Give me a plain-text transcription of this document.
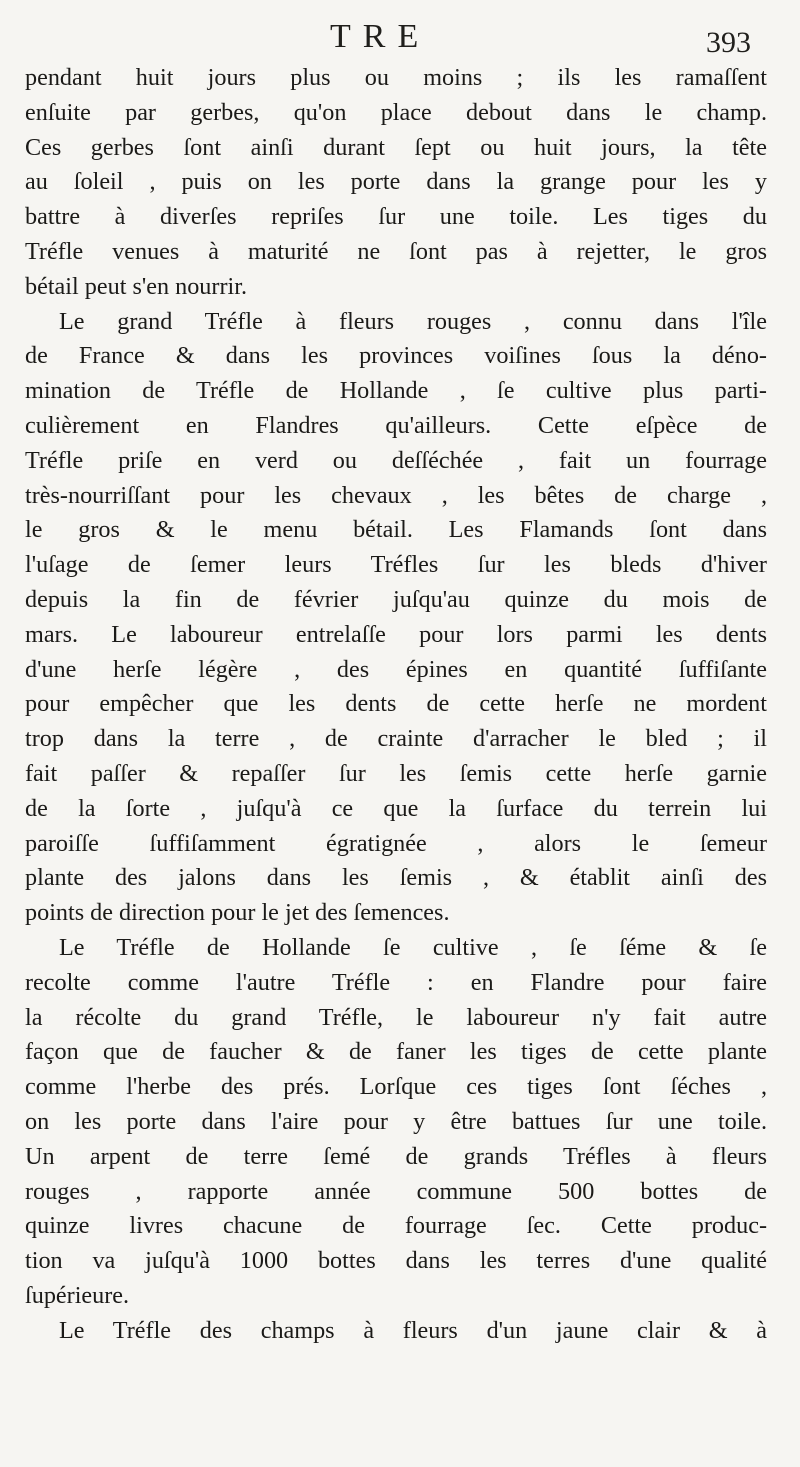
TRE	393
pendant huit jours plus ou moins ; ils les ramaſſent
enſuite par gerbes, qu'on place debout dans le champ.
Ces gerbes ſont ainſi durant ſept ou huit jours, la tête
au ſoleil , puis on les porte dans la grange pour les y
battre à diverſes repriſes ſur une toile. Les tiges du
Tréfle venues à maturité ne ſont pas à rejetter, le gros
bétail peut s'en nourrir.
Le grand Tréfle à fleurs rouges , connu dans l'île
de France & dans les provinces voiſines ſous la déno-
mination de Tréfle de Hollande , ſe cultive plus parti-
culièrement en Flandres qu'ailleurs. Cette eſpèce de
Tréfle priſe en verd ou deſſéchée , fait un fourrage
très-nourriſſant pour les chevaux , les bêtes de charge ,
le gros & le menu bétail. Les Flamands ſont dans
l'uſage de ſemer leurs Tréfles ſur les bleds d'hiver
depuis la fin de février juſqu'au quinze du mois de
mars. Le laboureur entrelaſſe pour lors parmi les dents
d'une herſe légère , des épines en quantité ſuffiſante
pour empêcher que les dents de cette herſe ne mordent
trop dans la terre , de crainte d'arracher le bled ; il
fait paſſer & repaſſer ſur les ſemis cette herſe garnie
de la ſorte , juſqu'à ce que la ſurface du terrein lui
paroiſſe ſuffiſamment égratignée , alors le ſemeur
plante des jalons dans les ſemis , & établit ainſi des
points de direction pour le jet des ſemences.
Le Tréfle de Hollande ſe cultive , ſe ſéme & ſe
recolte comme l'autre Tréfle : en Flandre pour faire
la récolte du grand Tréfle, le laboureur n'y fait autre
façon que de faucher & de faner les tiges de cette plante
comme l'herbe des prés. Lorſque ces tiges ſont ſéches ,
on les porte dans l'aire pour y être battues ſur une toile.
Un arpent de terre ſemé de grands Tréfles à fleurs
rouges , rapporte année commune 500 bottes de
quinze livres chacune de fourrage ſec. Cette produc-
tion va juſqu'à 1000 bottes dans les terres d'une qualité
ſupérieure.
Le Tréfle des champs à fleurs d'un jaune clair & à
